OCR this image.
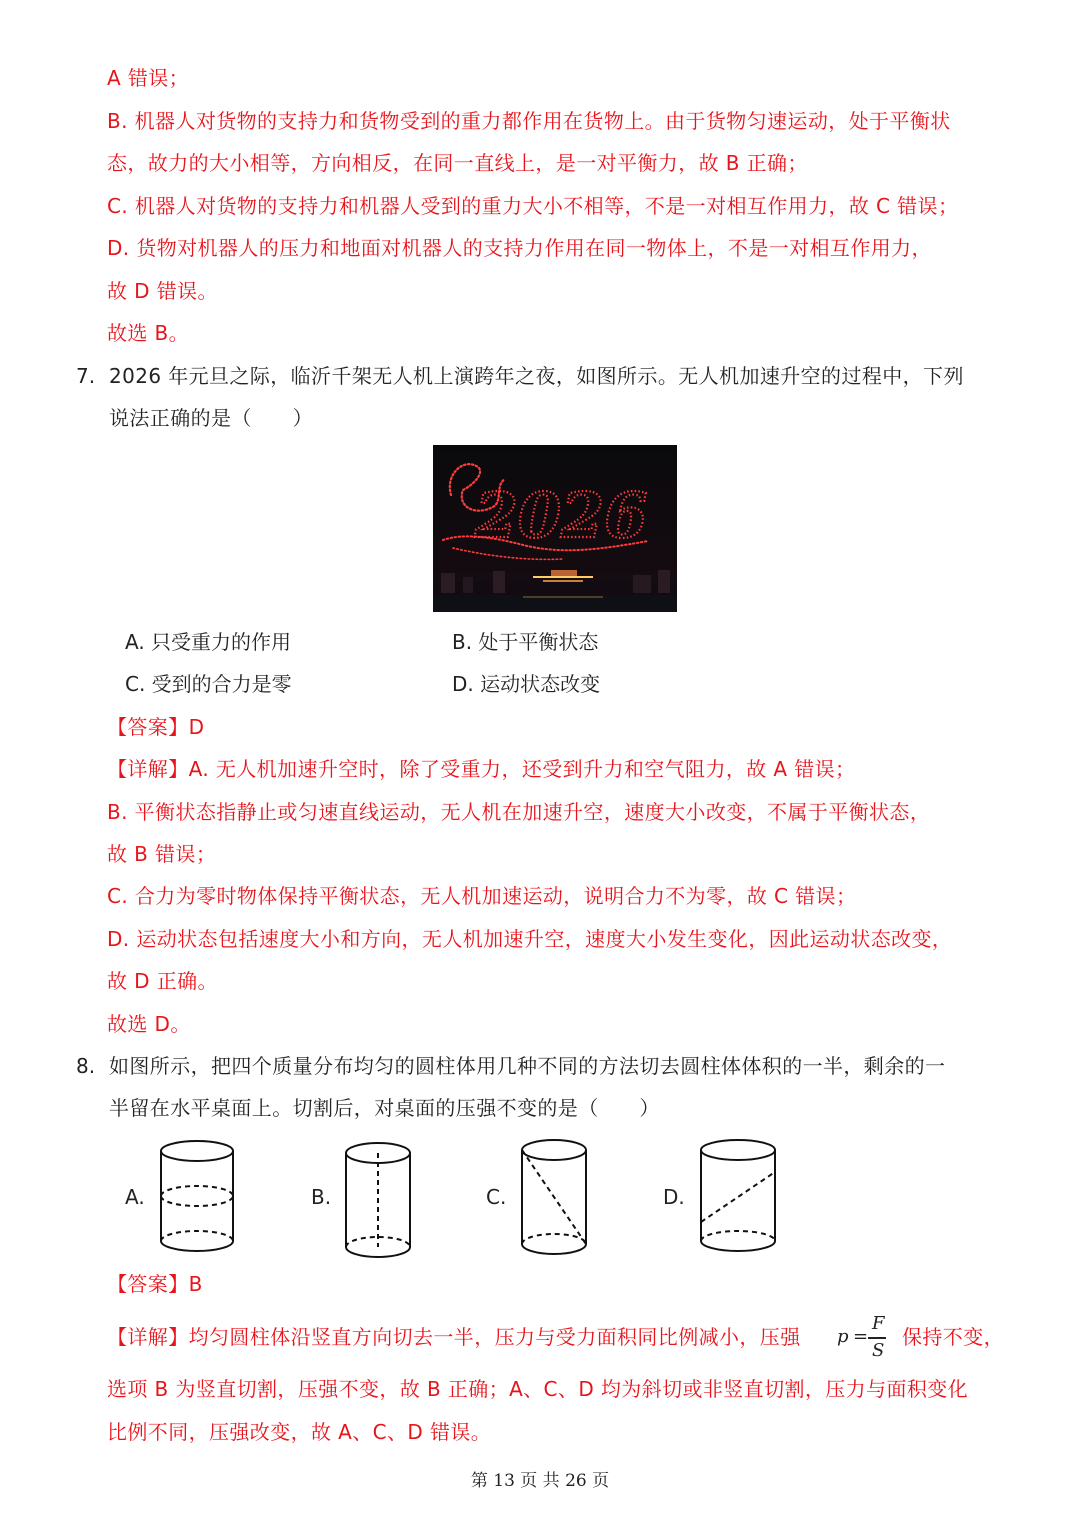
A 错误；
B. 机器人对货物的支持力和货物受到的重力都作用在货物上。由于货物匀速运动，处于平衡状
态，故力的大小相等，方向相反，在同一直线上，是一对平衡力，故 B 正确；
C. 机器人对货物的支持力和机器人受到的重力大小不相等，不是一对相互作用力，故 C 错误；
D. 货物对机器人的压力和地面对机器人的支持力作用在同一物体上，不是一对相互作用力，
故 D 错误。
故选 B。
7. 2026 年元旦之际，临沂千架无人机上演跨年之夜，如图所示。无人机加速升空的过程中，下列
说法正确的是（　　）
2026
A. 只受重力的作用	B. 处于平衡状态
C. 受到的合力是零	D. 运动状态改变
【答案】D
【详解】A. 无人机加速升空时，除了受重力，还受到升力和空气阻力，故 A 错误；
B. 平衡状态指静止或匀速直线运动，无人机在加速升空，速度大小改变，不属于平衡状态，
故 B 错误；
C. 合力为零时物体保持平衡状态，无人机加速运动，说明合力不为零，故 C 错误；
D. 运动状态包括速度大小和方向，无人机加速升空，速度大小发生变化，因此运动状态改变，
故 D 正确。
故选 D。
8. 如图所示，把四个质量分布均匀的圆柱体用几种不同的方法切去圆柱体体积的一半，剩余的一
半留在水平桌面上。切割后，对桌面的压强不变的是（　　）
A.	B.	C.	D.
【答案】B
【详解】均匀圆柱体沿竖直方向切去一半，压力与受力面积同比例减小，压强 p =
F
S
保持不变，
选项 B 为竖直切割，压强不变，故 B 正确；A、C、D 均为斜切或非竖直切割，压力与面积变化
比例不同，压强改变，故 A、C、D 错误。
第 13 页 共 26 页
